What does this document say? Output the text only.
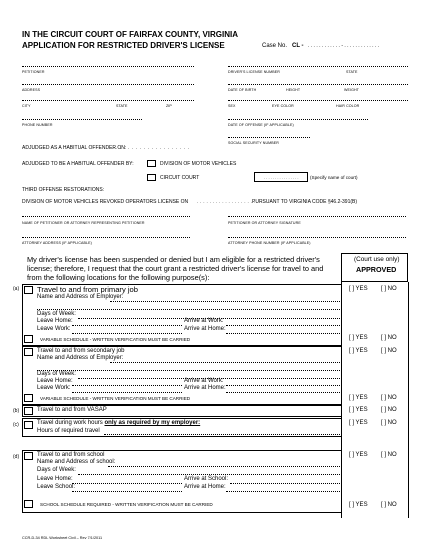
IN THE CIRCUIT COURT OF FAIRFAX COUNTY, VIRGINIA
APPLICATION FOR RESTRICTED DRIVER'S LICENSE	Case No. CL - . . . . . . . . . . . . - . . . . . . . . . . . . .
PETITIONER	DRIVER'S LICENSE NUMBER	STATE
ADDRESS	DATE OF BIRTH	HEIGHT	WEIGHT
CITY	STATE	ZIP	SEX	EYE COLOR	HAIR COLOR
PHONE NUMBER	DATE OF OFFENSE (IF APPLICABLE)
SOCIAL SECURITY NUMBER
ADJUDGED AS A HABITUAL OFFENDER ON:
. . . . . . . . . . . . . . . . . . . .
ADJUDGED TO BE A HABITUAL OFFENDER BY:	DIVISION OF MOTOR VEHICLES
CIRCUIT COURT	. . . . . . . . . . . . . . . .	(Specify name of court)
THIRD OFFENSE RESTORATIONS:
DIVISION OF MOTOR VEHICLES REVOKED OPERATORS LICENSE ON . . . . . . . . . . . . . . . . . . .
PURSUANT TO VIRGINIA CODE §46.2-391(B)
NAME OF PETITIONER OR ATTORNEY REPRESENTING PETITIONER	PETITIONER OR ATTORNEY SIGNATURE
ATTORNEY ADDRESS (IF APPLICABLE)	ATTORNEY PHONE NUMBER (IF APPLICABLE)
My driver's license has been suspended or denied but I am eligible for a restricted driver's
license; therefore, I request that the court grant a restricted driver's license for travel to and
from the following locations for the following purpose(s):
(Court use only)
APPROVED
(a) Travel to and from primary job
Name and Address of Employer:
Days of Week:
Leave Home:	Arrive at Work:
Leave Work:	Arrive at Home:
VARIABLE SCHEDULE - WRITTEN VERIFICATION MUST BE CARRIED
[ ] YES [ ] NO
[ ] YES [ ] NO
Travel to and from secondary job
Name and Address of Employer:
Days of Week:
Leave Home:	Arrive at Work:
Leave Work:	Arrive at Home:
VARIABLE SCHEDULE - WRITTEN VERIFICATION MUST BE CARRIED
[ ] YES [ ] NO
[ ] YES [ ] NO
(b)	Travel to and from VASAP	[ ] YES [ ] NO
(c)	Travel during work hours only as required by my employer:
Hours of required travel
[ ] YES [ ] NO
(d)	Travel to and from school
Name and Address of school:
Days of Week:
Leave Home:	Arrive at School:
Leave School:	Arrive at Home:
SCHOOL SCHEDULE REQUIRED - WRITTEN VERIFICATION MUST BE CARRIED
[ ] YES [ ] NO
[ ] YES [ ] NO
CCR-D-34 RDL Worksheet Civil – Rev 7/1/2011
